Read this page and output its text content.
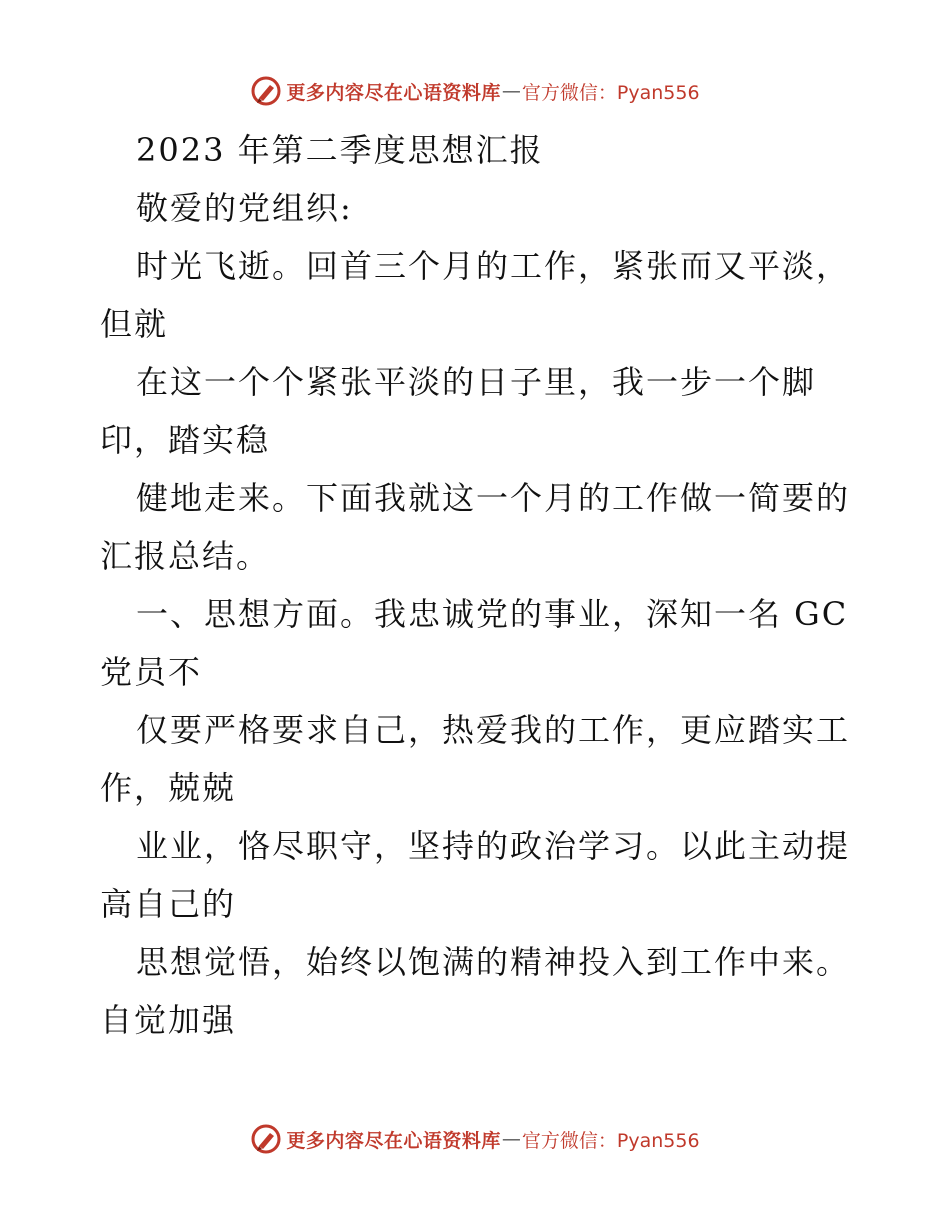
更多内容尽在心语资料库 — 官方微信：Pyan556
2023 年第二季度思想汇报
敬爱的党组织:
时光飞逝。回首三个月的工作，紧张而又平淡，
但就
在这一个个紧张平淡的日子里，我一步一个脚
印，踏实稳
健地走来。下面我就这一个月的工作做一简要的
汇报总结。
一、思想方面。我忠诚党的事业，深知一名 GC
党员不
仅要严格要求自己，热爱我的工作，更应踏实工
作，兢兢
业业，恪尽职守，坚持的政治学习。以此主动提
高自己的
思想觉悟，始终以饱满的精神投入到工作中来。
自觉加强
更多内容尽在心语资料库 — 官方微信：Pyan556
